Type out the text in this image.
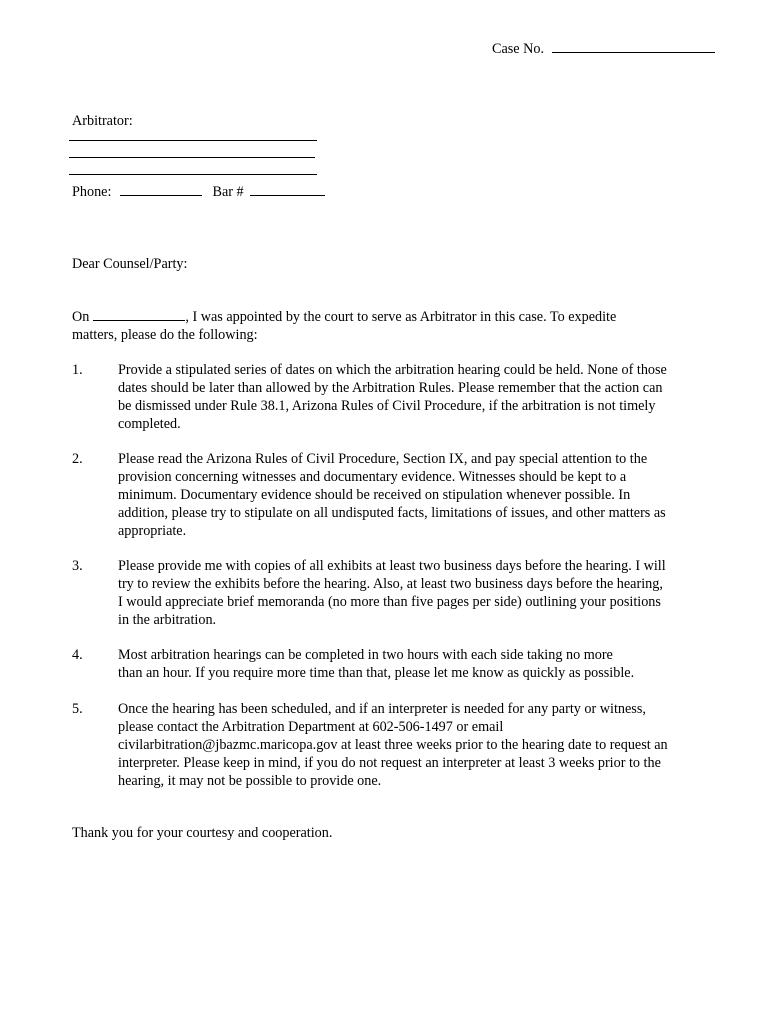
Case No.
Arbitrator:
Phone:	Bar #
Dear Counsel/Party:
On	, I was appointed by the court to serve as Arbitrator in this case. To expedite
matters, please do the following:
1. Provide a stipulated series of dates on which the arbitration hearing could be held. None of those
dates should be later than allowed by the Arbitration Rules. Please remember that the action can
be dismissed under Rule 38.1, Arizona Rules of Civil Procedure, if the arbitration is not timely
completed.
2. Please read the Arizona Rules of Civil Procedure, Section IX, and pay special attention to the
provision concerning witnesses and documentary evidence. Witnesses should be kept to a
minimum. Documentary evidence should be received on stipulation whenever possible. In
addition, please try to stipulate on all undisputed facts, limitations of issues, and other matters as
appropriate.
3. Please provide me with copies of all exhibits at least two business days before the hearing. I will
try to review the exhibits before the hearing. Also, at least two business days before the hearing,
I would appreciate brief memoranda (no more than five pages per side) outlining your positions
in the arbitration.
4. Most arbitration hearings can be completed in two hours with each side taking no more
than an hour. If you require more time than that, please let me know as quickly as possible.
5. Once the hearing has been scheduled, and if an interpreter is needed for any party or witness,
please contact the Arbitration Department at 602-506-1497 or email
civilarbitration@jbazmc.maricopa.gov at least three weeks prior to the hearing date to request an
interpreter. Please keep in mind, if you do not request an interpreter at least 3 weeks prior to the
hearing, it may not be possible to provide one.
Thank you for your courtesy and cooperation.
